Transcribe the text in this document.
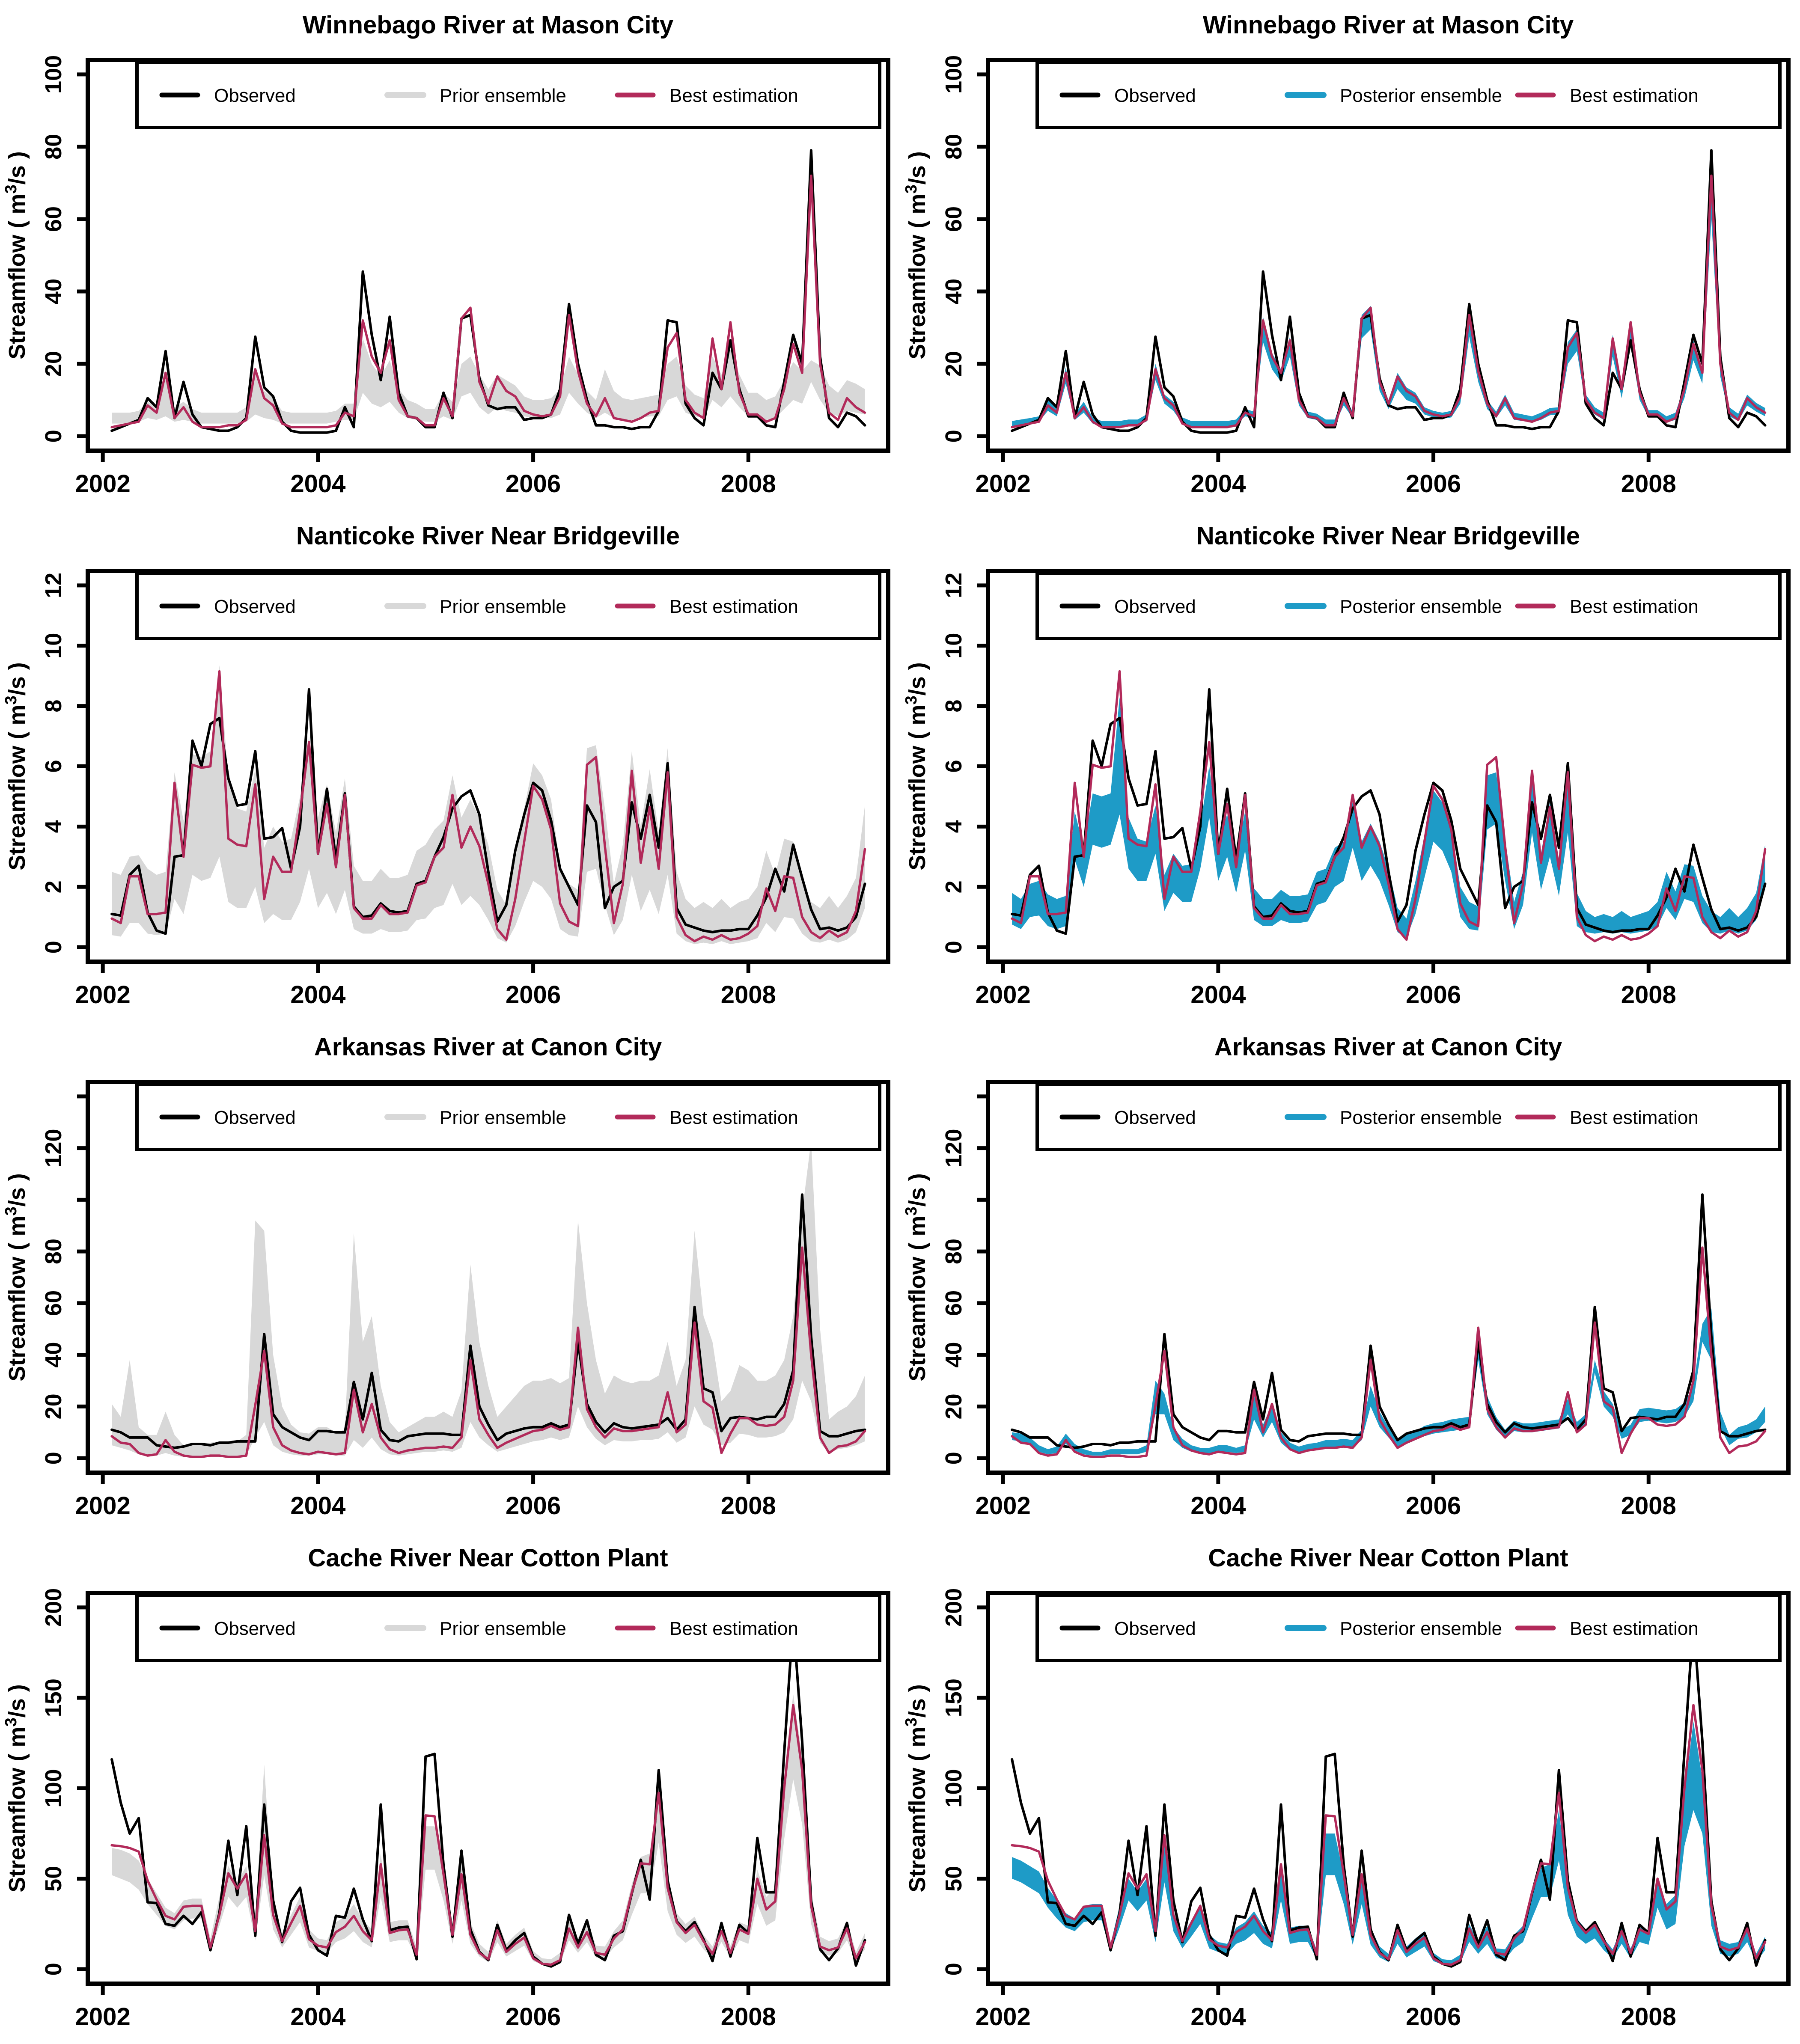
Winnebago River at Mason City
0
20
40
60
80
100
2002	2004	2006	2008
Streamflow ( $m^3/s$ )
Observed	Prior ensemble	Best estimation
Winnebago River at Mason City
0
20
40
60
80
100
2002	2004	2006	2008
Streamflow ( $m^3/s$ )
Observed	Posterior ensemble	Best estimation
Nanticoke River Near Bridgeville
0
2
4
6
8
10
12
2002	2004	2006	2008
Streamflow ( $m^3/s$ )
Observed	Prior ensemble	Best estimation
Nanticoke River Near Bridgeville
0
2
4
6
8
10
12
2002	2004	2006	2008
Streamflow ( $m^3/s$ )
Observed	Posterior ensemble	Best estimation
Arkansas River at Canon City
0
20
40
60
80
120
2002	2004	2006	2008
Streamflow ( $m^3/s$ )
Observed	Prior ensemble	Best estimation
Arkansas River at Canon City
0
20
40
60
80
120
2002	2004	2006	2008
Streamflow ( $m^3/s$ )
Observed	Posterior ensemble	Best estimation
Cache River Near Cotton Plant
0
50
100
150
200
2002	2004	2006	2008
Streamflow ( $m^3/s$ )
Observed	Prior ensemble	Best estimation
Cache River Near Cotton Plant
0
50
100
150
200
2002	2004	2006	2008
Streamflow ( $m^3/s$ )
Observed	Posterior ensemble	Best estimation
